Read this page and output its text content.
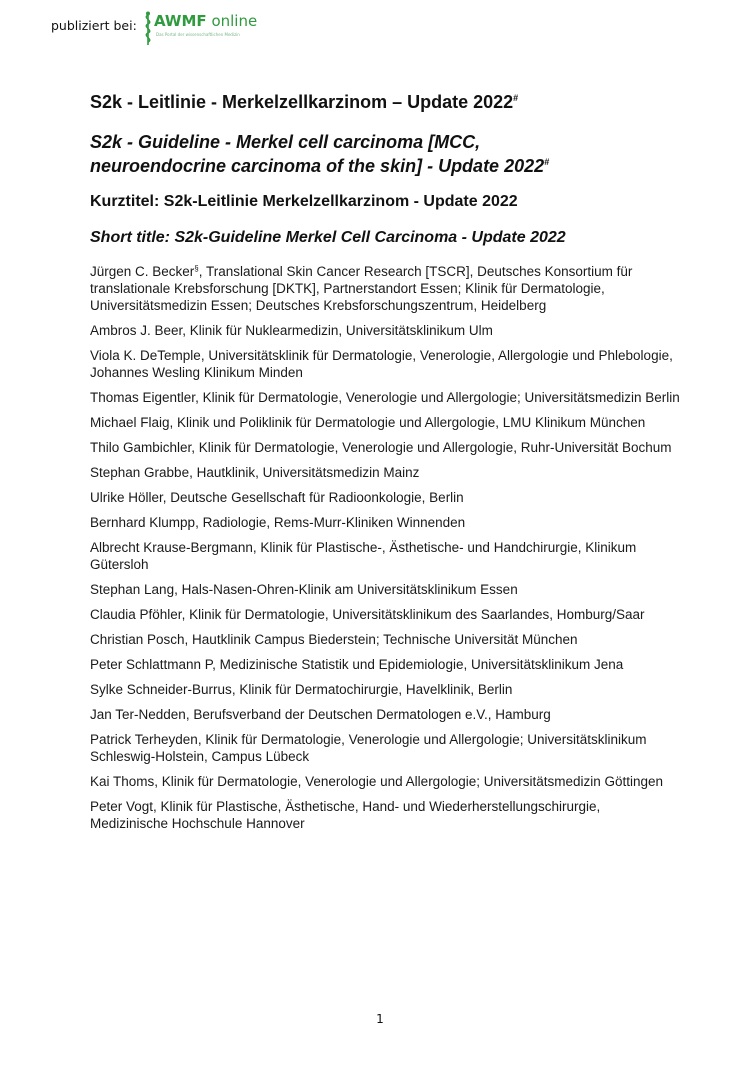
publiziert bei: AWMF online
Das Portal der wissenschaftlichen Medizin

S2k - Leitlinie - Merkelzellkarzinom – Update 2022#

S2k - Guideline - Merkel cell carcinoma [MCC,
neuroendocrine carcinoma of the skin] - Update 2022#

Kurztitel: S2k-Leitlinie Merkelzellkarzinom - Update 2022

Short title: S2k-Guideline Merkel Cell Carcinoma - Update 2022

Jürgen C. Becker§, Translational Skin Cancer Research [TSCR], Deutsches Konsortium für translationale Krebsforschung [DKTK], Partnerstandort Essen; Klinik für Dermatologie, Universitätsmedizin Essen; Deutsches Krebsforschungszentrum, Heidelberg

Ambros J. Beer, Klinik für Nuklearmedizin, Universitätsklinikum Ulm

Viola K. DeTemple, Universitätsklinik für Dermatologie, Venerologie, Allergologie und Phlebologie, Johannes Wesling Klinikum Minden

Thomas Eigentler, Klinik für Dermatologie, Venerologie und Allergologie; Universitätsmedizin Berlin

Michael Flaig, Klinik und Poliklinik für Dermatologie und Allergologie, LMU Klinikum München

Thilo Gambichler, Klinik für Dermatologie, Venerologie und Allergologie, Ruhr-Universität Bochum

Stephan Grabbe, Hautklinik, Universitätsmedizin Mainz

Ulrike Höller, Deutsche Gesellschaft für Radioonkologie, Berlin

Bernhard Klumpp, Radiologie, Rems-Murr-Kliniken Winnenden

Albrecht Krause-Bergmann, Klinik für Plastische-, Ästhetische- und Handchirurgie, Klinikum Gütersloh

Stephan Lang, Hals-Nasen-Ohren-Klinik am Universitätsklinikum Essen

Claudia Pföhler, Klinik für Dermatologie, Universitätsklinikum des Saarlandes, Homburg/Saar

Christian Posch, Hautklinik Campus Biederstein; Technische Universität München

Peter Schlattmann P, Medizinische Statistik und Epidemiologie, Universitätsklinikum Jena

Sylke Schneider-Burrus, Klinik für Dermatochirurgie, Havelklinik, Berlin

Jan Ter-Nedden, Berufsverband der Deutschen Dermatologen e.V., Hamburg

Patrick Terheyden, Klinik für Dermatologie, Venerologie und Allergologie; Universitätsklinikum Schleswig-Holstein, Campus Lübeck

Kai Thoms, Klinik für Dermatologie, Venerologie und Allergologie; Universitätsmedizin Göttingen

Peter Vogt, Klinik für Plastische, Ästhetische, Hand- und Wiederherstellungschirurgie, Medizinische Hochschule Hannover

1
